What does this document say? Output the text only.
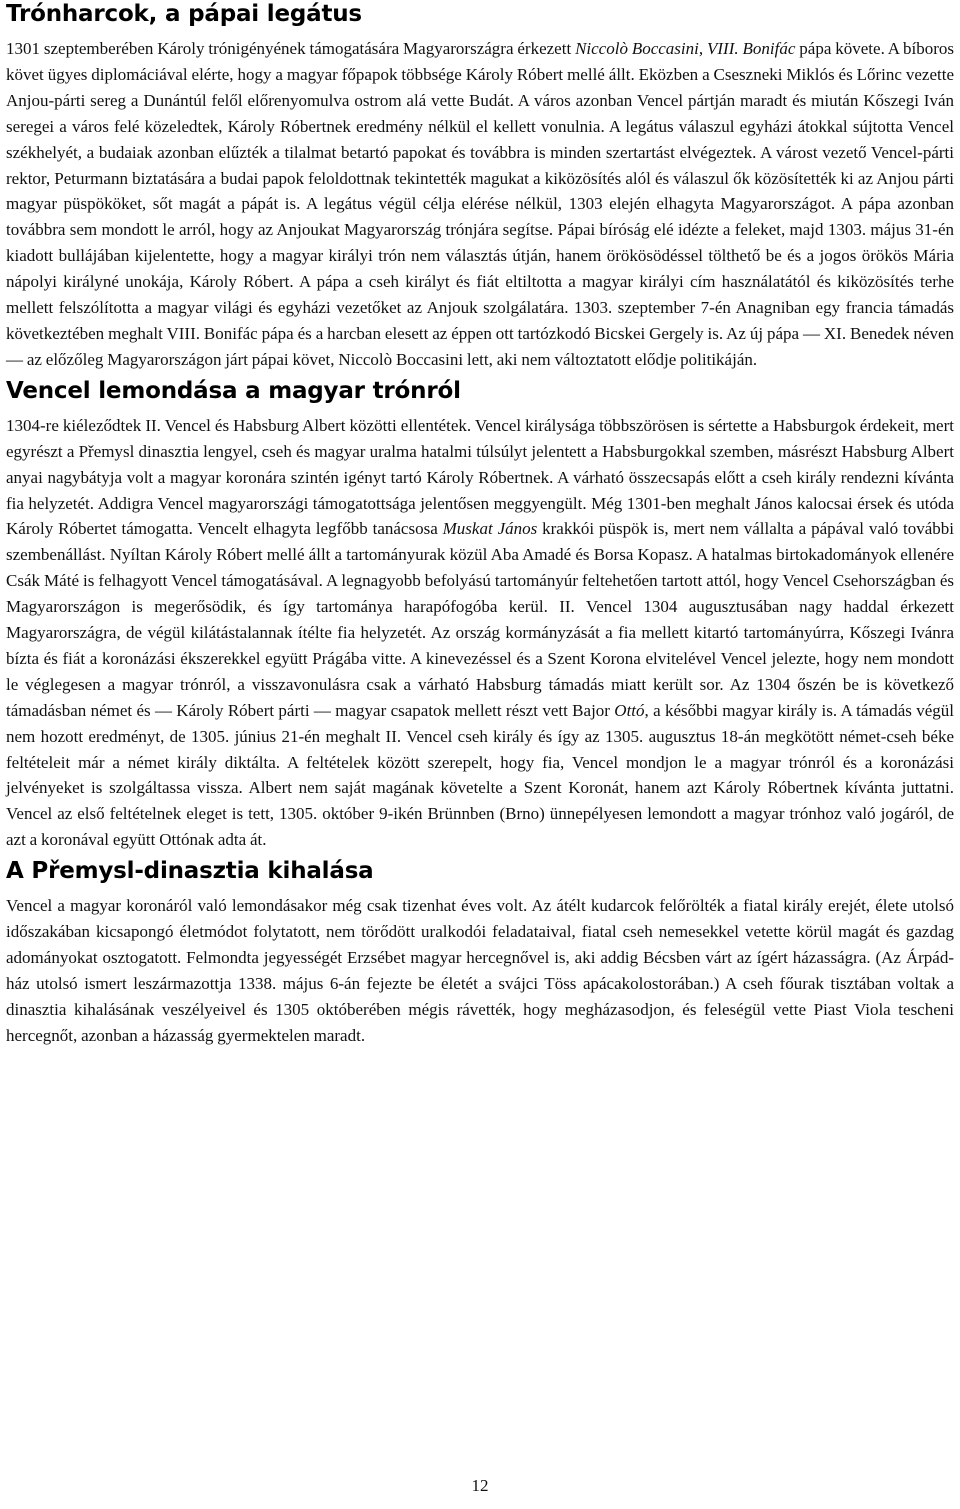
Trónharcok, a pápai legátus

1301 szeptemberében Károly trónigényének támogatására Magyarországra érkezett Niccolò Boccasini, VIII. Bonifác pápa követe. A bíboros követ ügyes diplomáciával elérte, hogy a magyar főpapok többsége Károly Róbert mellé állt. Eközben a Cseszneki Miklós és Lőrinc vezette Anjou-párti sereg a Dunántúl felől előrenyomulva ostrom alá vette Budát. A város azonban Vencel pártján maradt és miután Kőszegi Iván seregei a város felé közeledtek, Károly Róbertnek eredmény nélkül el kellett vonulnia. A legátus válaszul egyházi átokkal sújtotta Vencel székhelyét, a budaiak azonban elűzték a tilalmat betartó papokat és továbbra is minden szertartást elvégeztek. A várost vezető Vencel-párti rektor, Peturmann biztatására a budai papok feloldottnak tekintették magukat a kiközösítés alól és válaszul ők közösítették ki az Anjou párti magyar püspököket, sőt magát a pápát is. A legátus végül célja elérése nélkül, 1303 elején elhagyta Magyarországot. A pápa azonban továbbra sem mondott le arról, hogy az Anjoukat Magyarország trónjára segítse. Pápai bíróság elé idézte a feleket, majd 1303. május 31-én kiadott bullájában kijelentette, hogy a magyar királyi trón nem választás útján, hanem örökösödéssel tölthető be és a jogos örökös Mária nápolyi királyné unokája, Károly Róbert. A pápa a cseh királyt és fiát eltiltotta a magyar királyi cím használatától és kiközösítés terhe mellett felszólította a magyar világi és egyházi vezetőket az Anjouk szolgálatára. 1303. szeptember 7-én Anagniban egy francia támadás következtében meghalt VIII. Bonifác pápa és a harcban elesett az éppen ott tartózkodó Bicskei Gergely is. Az új pápa ― XI. Benedek néven ― az előzőleg Magyarországon járt pápai követ, Niccolò Boccasini lett, aki nem változtatott elődje politikáján.

Vencel lemondása a magyar trónról

1304-re kiéleződtek II. Vencel és Habsburg Albert közötti ellentétek. Vencel királysága többszörösen is sértette a Habsburgok érdekeit, mert egyrészt a Přemysl dinasztia lengyel, cseh és magyar uralma hatalmi túlsúlyt jelentett a Habsburgokkal szemben, másrészt Habsburg Albert anyai nagybátyja volt a magyar koronára szintén igényt tartó Károly Róbertnek. A várható összecsapás előtt a cseh király rendezni kívánta fia helyzetét. Addigra Vencel magyarországi támogatottsága jelentősen meggyengült. Még 1301-ben meghalt János kalocsai érsek és utóda Károly Róbertet támogatta. Vencelt elhagyta legfőbb tanácsosa Muskat János krakkói püspök is, mert nem vállalta a pápával való további szembenállást. Nyíltan Károly Róbert mellé állt a tartományurak közül Aba Amadé és Borsa Kopasz. A hatalmas birtokadományok ellenére Csák Máté is felhagyott Vencel támogatásával. A legnagyobb befolyású tartományúr feltehetően tartott attól, hogy Vencel Csehországban és Magyarországon is megerősödik, és így tartománya harapófogóba kerül. II. Vencel 1304 augusztusában nagy haddal érkezett Magyarországra, de végül kilátástalannak ítélte fia helyzetét. Az ország kormányzását a fia mellett kitartó tartományúrra, Kőszegi Ivánra bízta és fiát a koronázási ékszerekkel együtt Prágába vitte. A kinevezéssel és a Szent Korona elvitelével Vencel jelezte, hogy nem mondott le véglegesen a magyar trónról, a visszavonulásra csak a várható Habsburg támadás miatt került sor. Az 1304 őszén be is következő támadásban német és ― Károly Róbert párti ― magyar csapatok mellett részt vett Bajor Ottó, a későbbi magyar király is. A támadás végül nem hozott eredményt, de 1305. június 21-én meghalt II. Vencel cseh király és így az 1305. augusztus 18-án megkötött német-cseh béke feltételeit már a német király diktálta. A feltételek között szerepelt, hogy fia, Vencel mondjon le a magyar trónról és a koronázási jelvényeket is szolgáltassa vissza. Albert nem saját magának követelte a Szent Koronát, hanem azt Károly Róbertnek kívánta juttatni. Vencel az első feltételnek eleget is tett, 1305. október 9-ikén Brünnben (Brno) ünnepélyesen lemondott a magyar trónhoz való jogáról, de azt a koronával együtt Ottónak adta át.

A Přemysl-dinasztia kihalása

Vencel a magyar koronáról való lemondásakor még csak tizenhat éves volt. Az átélt kudarcok felőrölték a fiatal király erejét, élete utolsó időszakában kicsapongó életmódot folytatott, nem törődött uralkodói feladataival, fiatal cseh nemesekkel vetette körül magát és gazdag adományokat osztogatott. Felmondta jegyességét Erzsébet magyar hercegnővel is, aki addig Bécsben várt az ígért házasságra. (Az Árpád-ház utolsó ismert leszármazottja 1338. május 6-án fejezte be életét a svájci Töss apácakolostorában.) A cseh főurak tisztában voltak a dinasztia kihalásának veszélyeivel és 1305 októberében mégis rávették, hogy megházasodjon, és feleségül vette Piast Viola tescheni hercegnőt, azonban a házasság gyermektelen maradt.

12
